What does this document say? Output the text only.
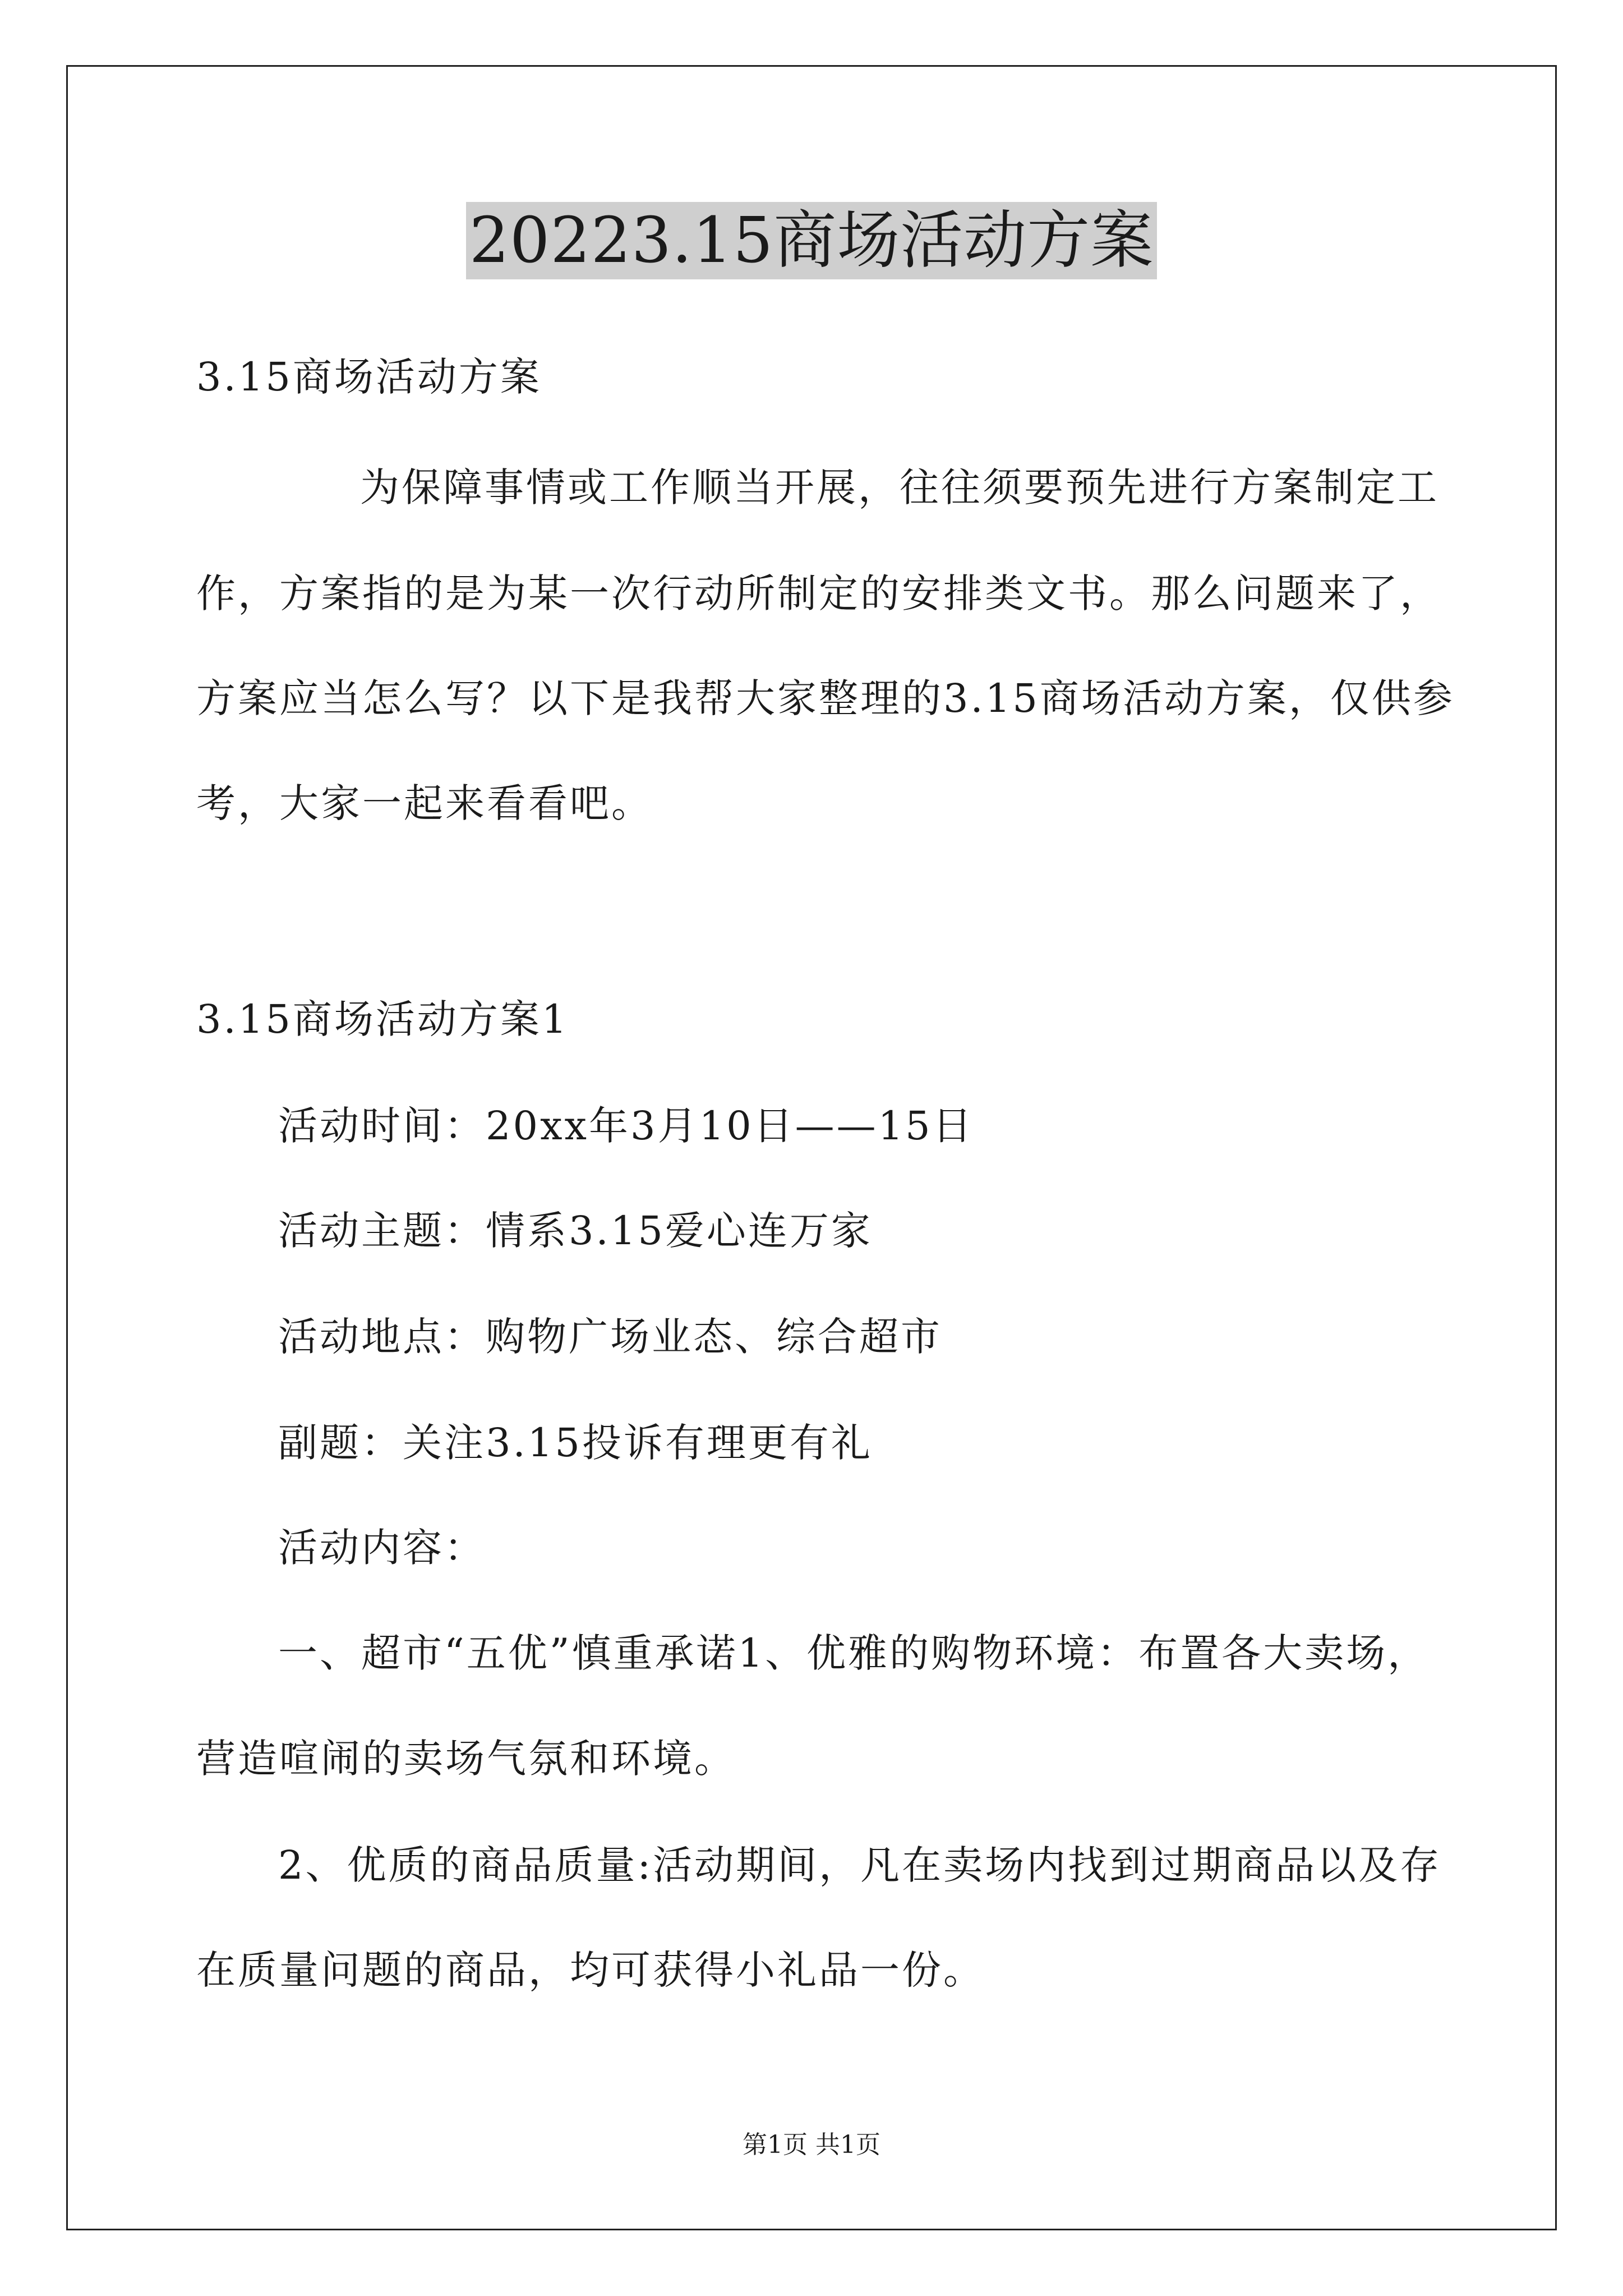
20223.15商场活动方案
3.15商场活动方案
为保障事情或工作顺当开展，往往须要预先进行方案制定工
作，方案指的是为某一次行动所制定的安排类文书。那么问题来了，
方案应当怎么写？以下是我帮大家整理的3.15商场活动方案，仅供参
考，大家一起来看看吧。
3.15商场活动方案1
活动时间：20xx年3月10日——15日
活动主题：情系3.15爱心连万家
活动地点：购物广场业态、综合超市
副题：关注3.15投诉有理更有礼
活动内容：
一、超市“五优”慎重承诺1、优雅的购物环境：布置各大卖场，
营造喧闹的卖场气氛和环境。
2、优质的商品质量:活动期间，凡在卖场内找到过期商品以及存
在质量问题的商品，均可获得小礼品一份。
第1页 共1页
